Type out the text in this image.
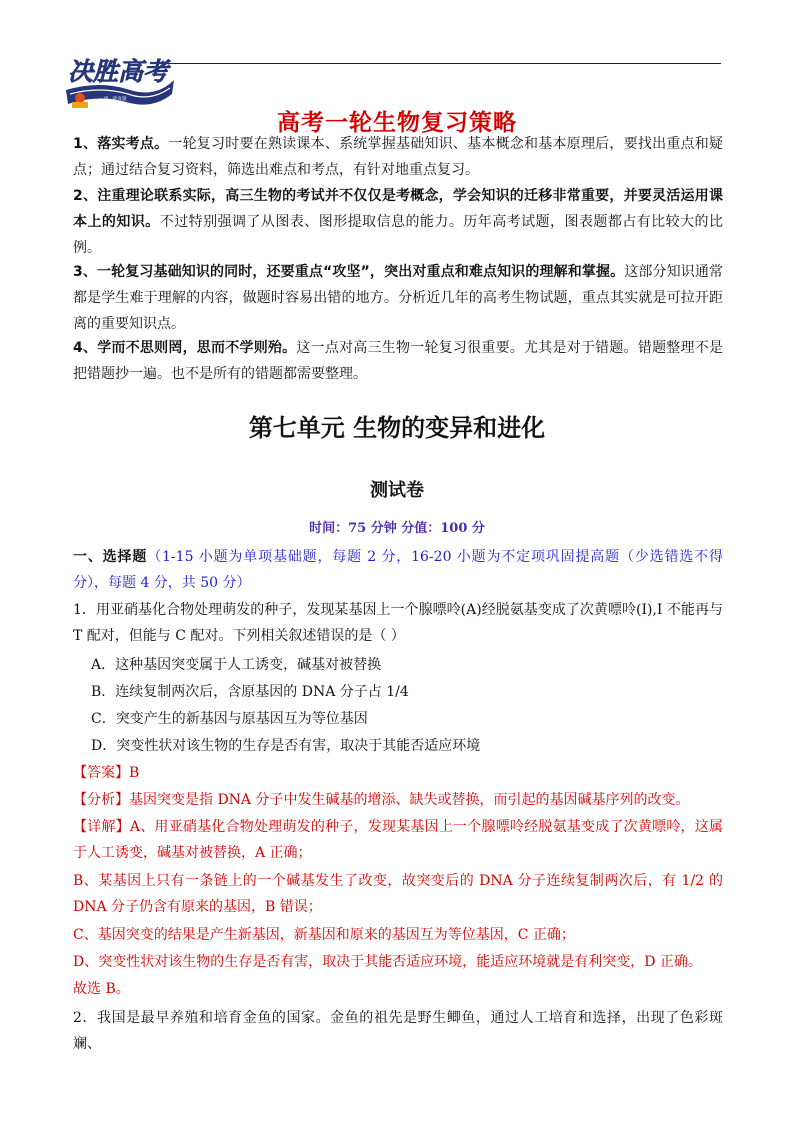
决胜高考
研一轮真题
看一遍大纲
高考一轮生物复习策略
1、落实考点。一轮复习时要在熟读课本、系统掌握基础知识、基本概念和基本原理后，要找出重点和疑点；通过结合复习资料，筛选出难点和考点，有针对地重点复习。
2、注重理论联系实际，高三生物的考试并不仅仅是考概念，学会知识的迁移非常重要，并要灵活运用课本上的知识。不过特别强调了从图表、图形提取信息的能力。历年高考试题，图表题都占有比较大的比例。
3、一轮复习基础知识的同时，还要重点“攻坚”，突出对重点和难点知识的理解和掌握。这部分知识通常都是学生难于理解的内容，做题时容易出错的地方。分析近几年的高考生物试题，重点其实就是可拉开距离的重要知识点。
4、学而不思则罔，思而不学则殆。这一点对高三生物一轮复习很重要。尤其是对于错题。错题整理不是把错题抄一遍。也不是所有的错题都需要整理。
第七单元 生物的变异和进化
测试卷
时间：75 分钟 分值：100 分
一、选择题（1-15 小题为单项基础题，每题 2 分，16-20 小题为不定项巩固提高题（少选错选不得分），每题 4 分，共 50 分）
1．用亚硝基化合物处理萌发的种子，发现某基因上一个腺嘌呤(A)经脱氨基变成了次黄嘌呤(I),I 不能再与 T 配对，但能与 C 配对。下列相关叙述错误的是（ ）
A．这种基因突变属于人工诱变，碱基对被替换
B．连续复制两次后，含原基因的 DNA 分子占 1/4
C．突变产生的新基因与原基因互为等位基因
D．突变性状对该生物的生存是否有害，取决于其能否适应环境
【答案】B
【分析】基因突变是指 DNA 分子中发生碱基的增添、缺失或替换，而引起的基因碱基序列的改变。
【详解】A、用亚硝基化合物处理萌发的种子，发现某基因上一个腺嘌呤经脱氨基变成了次黄嘌呤，这属于人工诱变，碱基对被替换，A 正确；
B、某基因上只有一条链上的一个碱基发生了改变，故突变后的 DNA 分子连续复制两次后，有 1/2 的 DNA 分子仍含有原来的基因，B 错误；
C、基因突变的结果是产生新基因，新基因和原来的基因互为等位基因，C 正确；
D、突变性状对该生物的生存是否有害，取决于其能否适应环境，能适应环境就是有利突变，D 正确。
故选 B。
2．我国是最早养殖和培育金鱼的国家。金鱼的祖先是野生鲫鱼，通过人工培育和选择，出现了色彩斑斓、
